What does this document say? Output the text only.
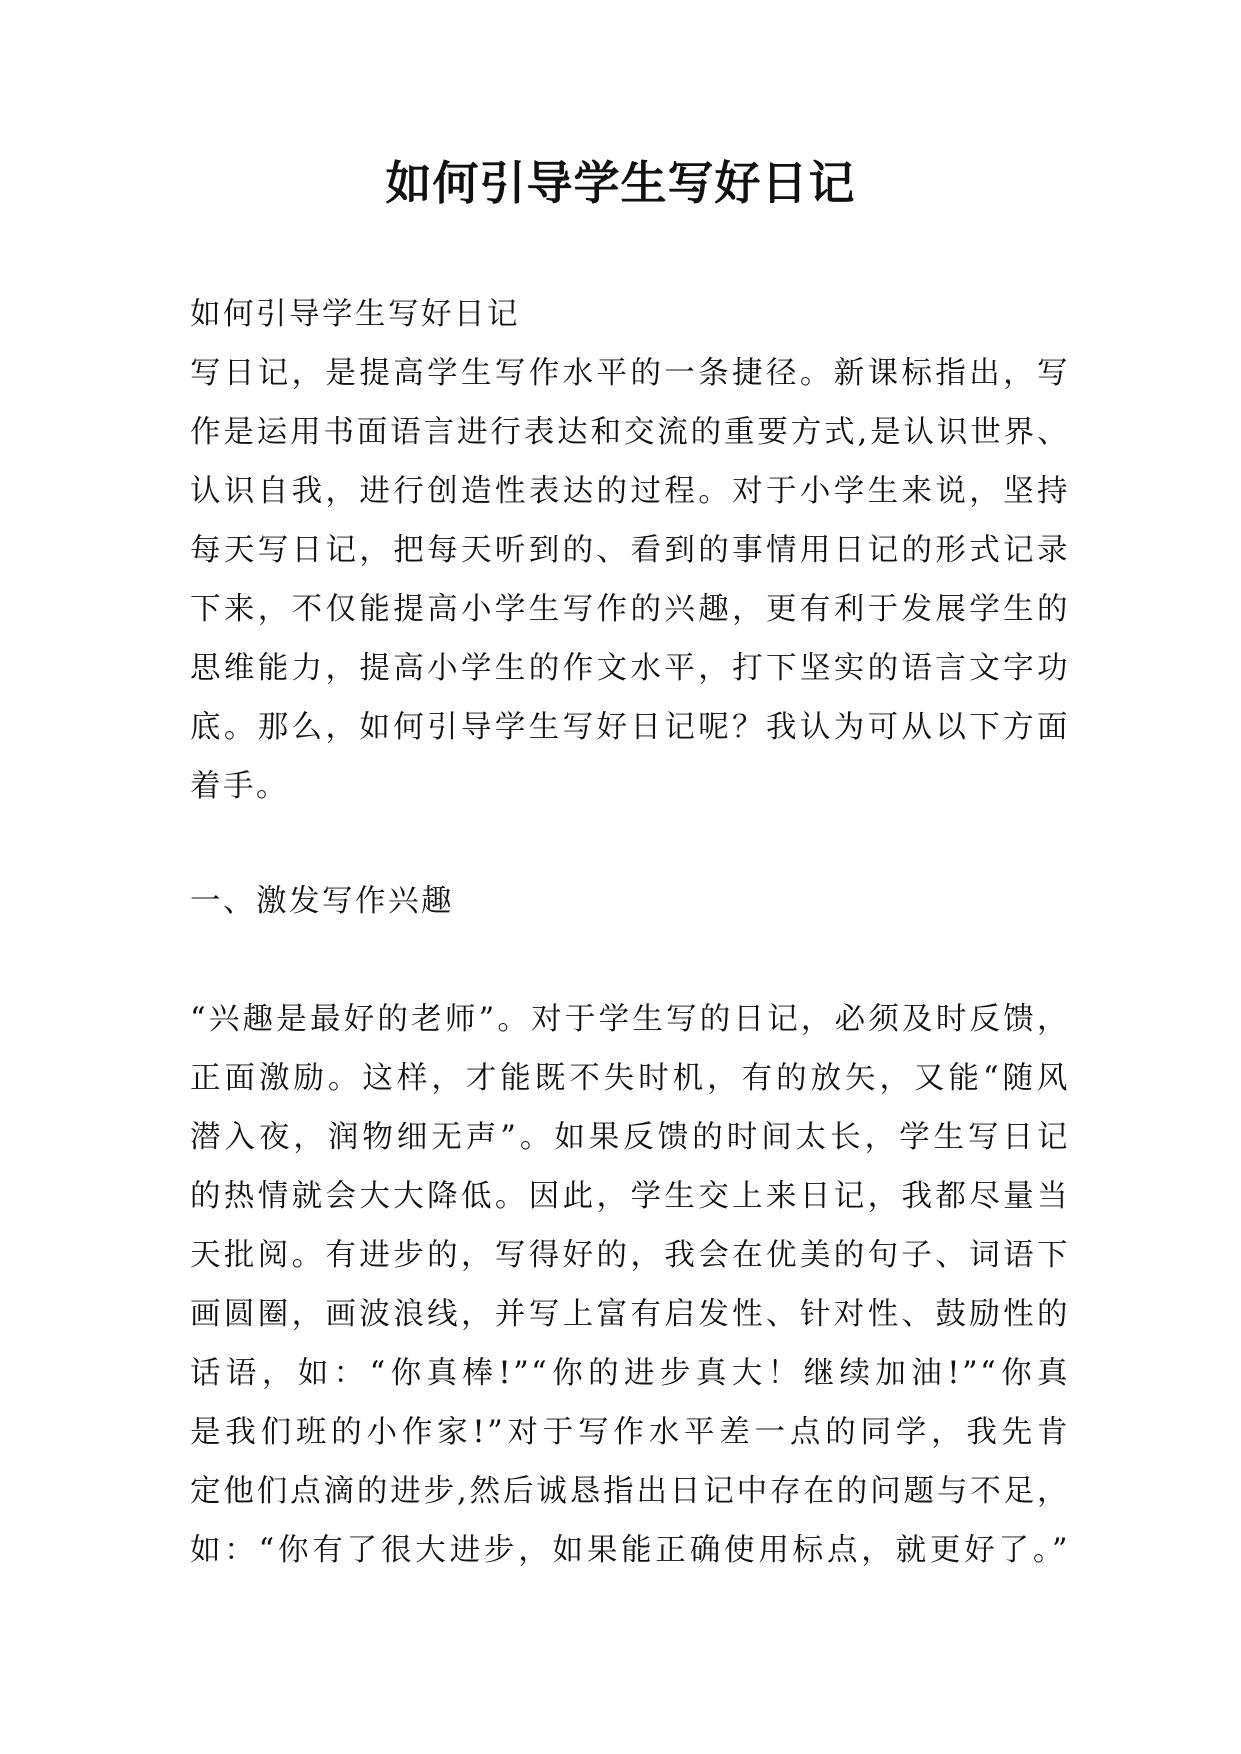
如何引导学生写好日记
如何引导学生写好日记
写日记，是提高学生写作水平的一条捷径。新课标指出，写
作是运用书面语言进行表达和交流的重要方式,是认识世界、
认识自我，进行创造性表达的过程。对于小学生来说，坚持
每天写日记，把每天听到的、看到的事情用日记的形式记录
下来，不仅能提高小学生写作的兴趣，更有利于发展学生的
思维能力，提高小学生的作文水平，打下坚实的语言文字功
底。那么，如何引导学生写好日记呢？我认为可从以下方面
着手。
一、激发写作兴趣
“兴趣是最好的老师”。对于学生写的日记，必须及时反馈，
正面激励。这样，才能既不失时机，有的放矢，又能“随风
潜入夜，润物细无声”。如果反馈的时间太长，学生写日记
的热情就会大大降低。因此，学生交上来日记，我都尽量当
天批阅。有进步的，写得好的，我会在优美的句子、词语下
画圆圈，画波浪线，并写上富有启发性、针对性、鼓励性的
话语，如：“你真棒!”“你的进步真大！继续加油!”“你真
是我们班的小作家!”对于写作水平差一点的同学，我先肯
定他们点滴的进步,然后诚恳指出日记中存在的问题与不足，
如：“你有了很大进步，如果能正确使用标点，就更好了。”
